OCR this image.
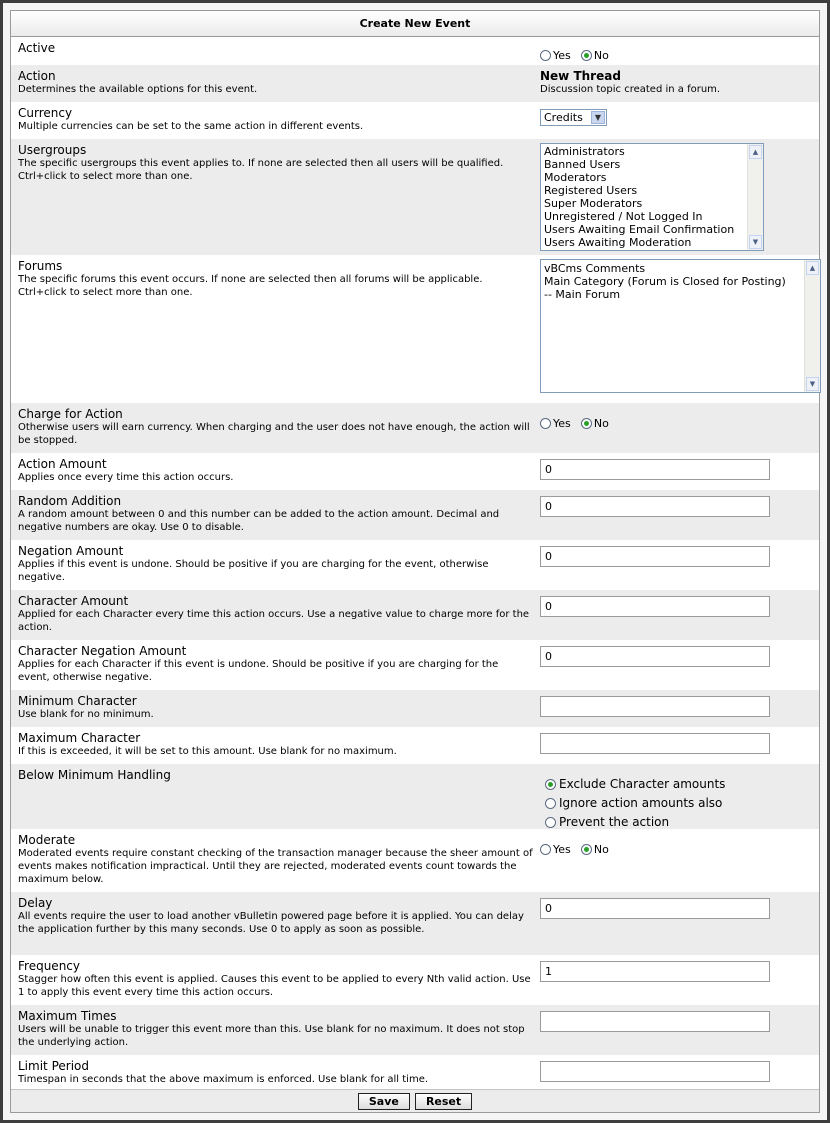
Create New Event
Active
Yes No
Action
Determines the available options for this event.
New Thread
Discussion topic created in a forum.
Currency
Multiple currencies can be set to the same action in different events.
Credits	▼
Usergroups
The specific usergroups this event applies to. If none are selected then all users will be qualified. Ctrl+click to select more than one.
Administrators
Banned Users
Moderators
Registered Users
Super Moderators
Unregistered / Not Logged In
Users Awaiting Email Confirmation
Users Awaiting Moderation
▲
▼
Forums
The specific forums this event occurs. If none are selected then all forums will be applicable. Ctrl+click to select more than one.
vBCms Comments
Main Category (Forum is Closed for Posting)
-- Main Forum
▲
▼
Charge for Action
Otherwise users will earn currency. When charging and the user does not have enough, the action will be stopped.
Yes No
Action Amount
Applies once every time this action occurs.
0
Random Addition
A random amount between 0 and this number can be added to the action amount. Decimal and negative numbers are okay. Use 0 to disable.
0
Negation Amount
Applies if this event is undone. Should be positive if you are charging for the event, otherwise negative.
0
Character Amount
Applied for each Character every time this action occurs. Use a negative value to charge more for the action.
0
Character Negation Amount
Applies for each Character if this event is undone. Should be positive if you are charging for the event, otherwise negative.
0
Minimum Character
Use blank for no minimum.
Maximum Character
If this is exceeded, it will be set to this amount. Use blank for no maximum.
Below Minimum Handling
Exclude Character amounts
Ignore action amounts also
Prevent the action
Moderate
Moderated events require constant checking of the transaction manager because the sheer amount of events makes notification impractical. Until they are rejected, moderated events count towards the maximum below.
Yes No
Delay
All events require the user to load another vBulletin powered page before it is applied. You can delay the application further by this many seconds. Use 0 to apply as soon as possible.
0
Frequency
Stagger how often this event is applied. Causes this event to be applied to every Nth valid action. Use 1 to apply this event every time this action occurs.
1
Maximum Times
Users will be unable to trigger this event more than this. Use blank for no maximum. It does not stop the underlying action.
Limit Period
Timespan in seconds that the above maximum is enforced. Use blank for all time.
Save Reset
